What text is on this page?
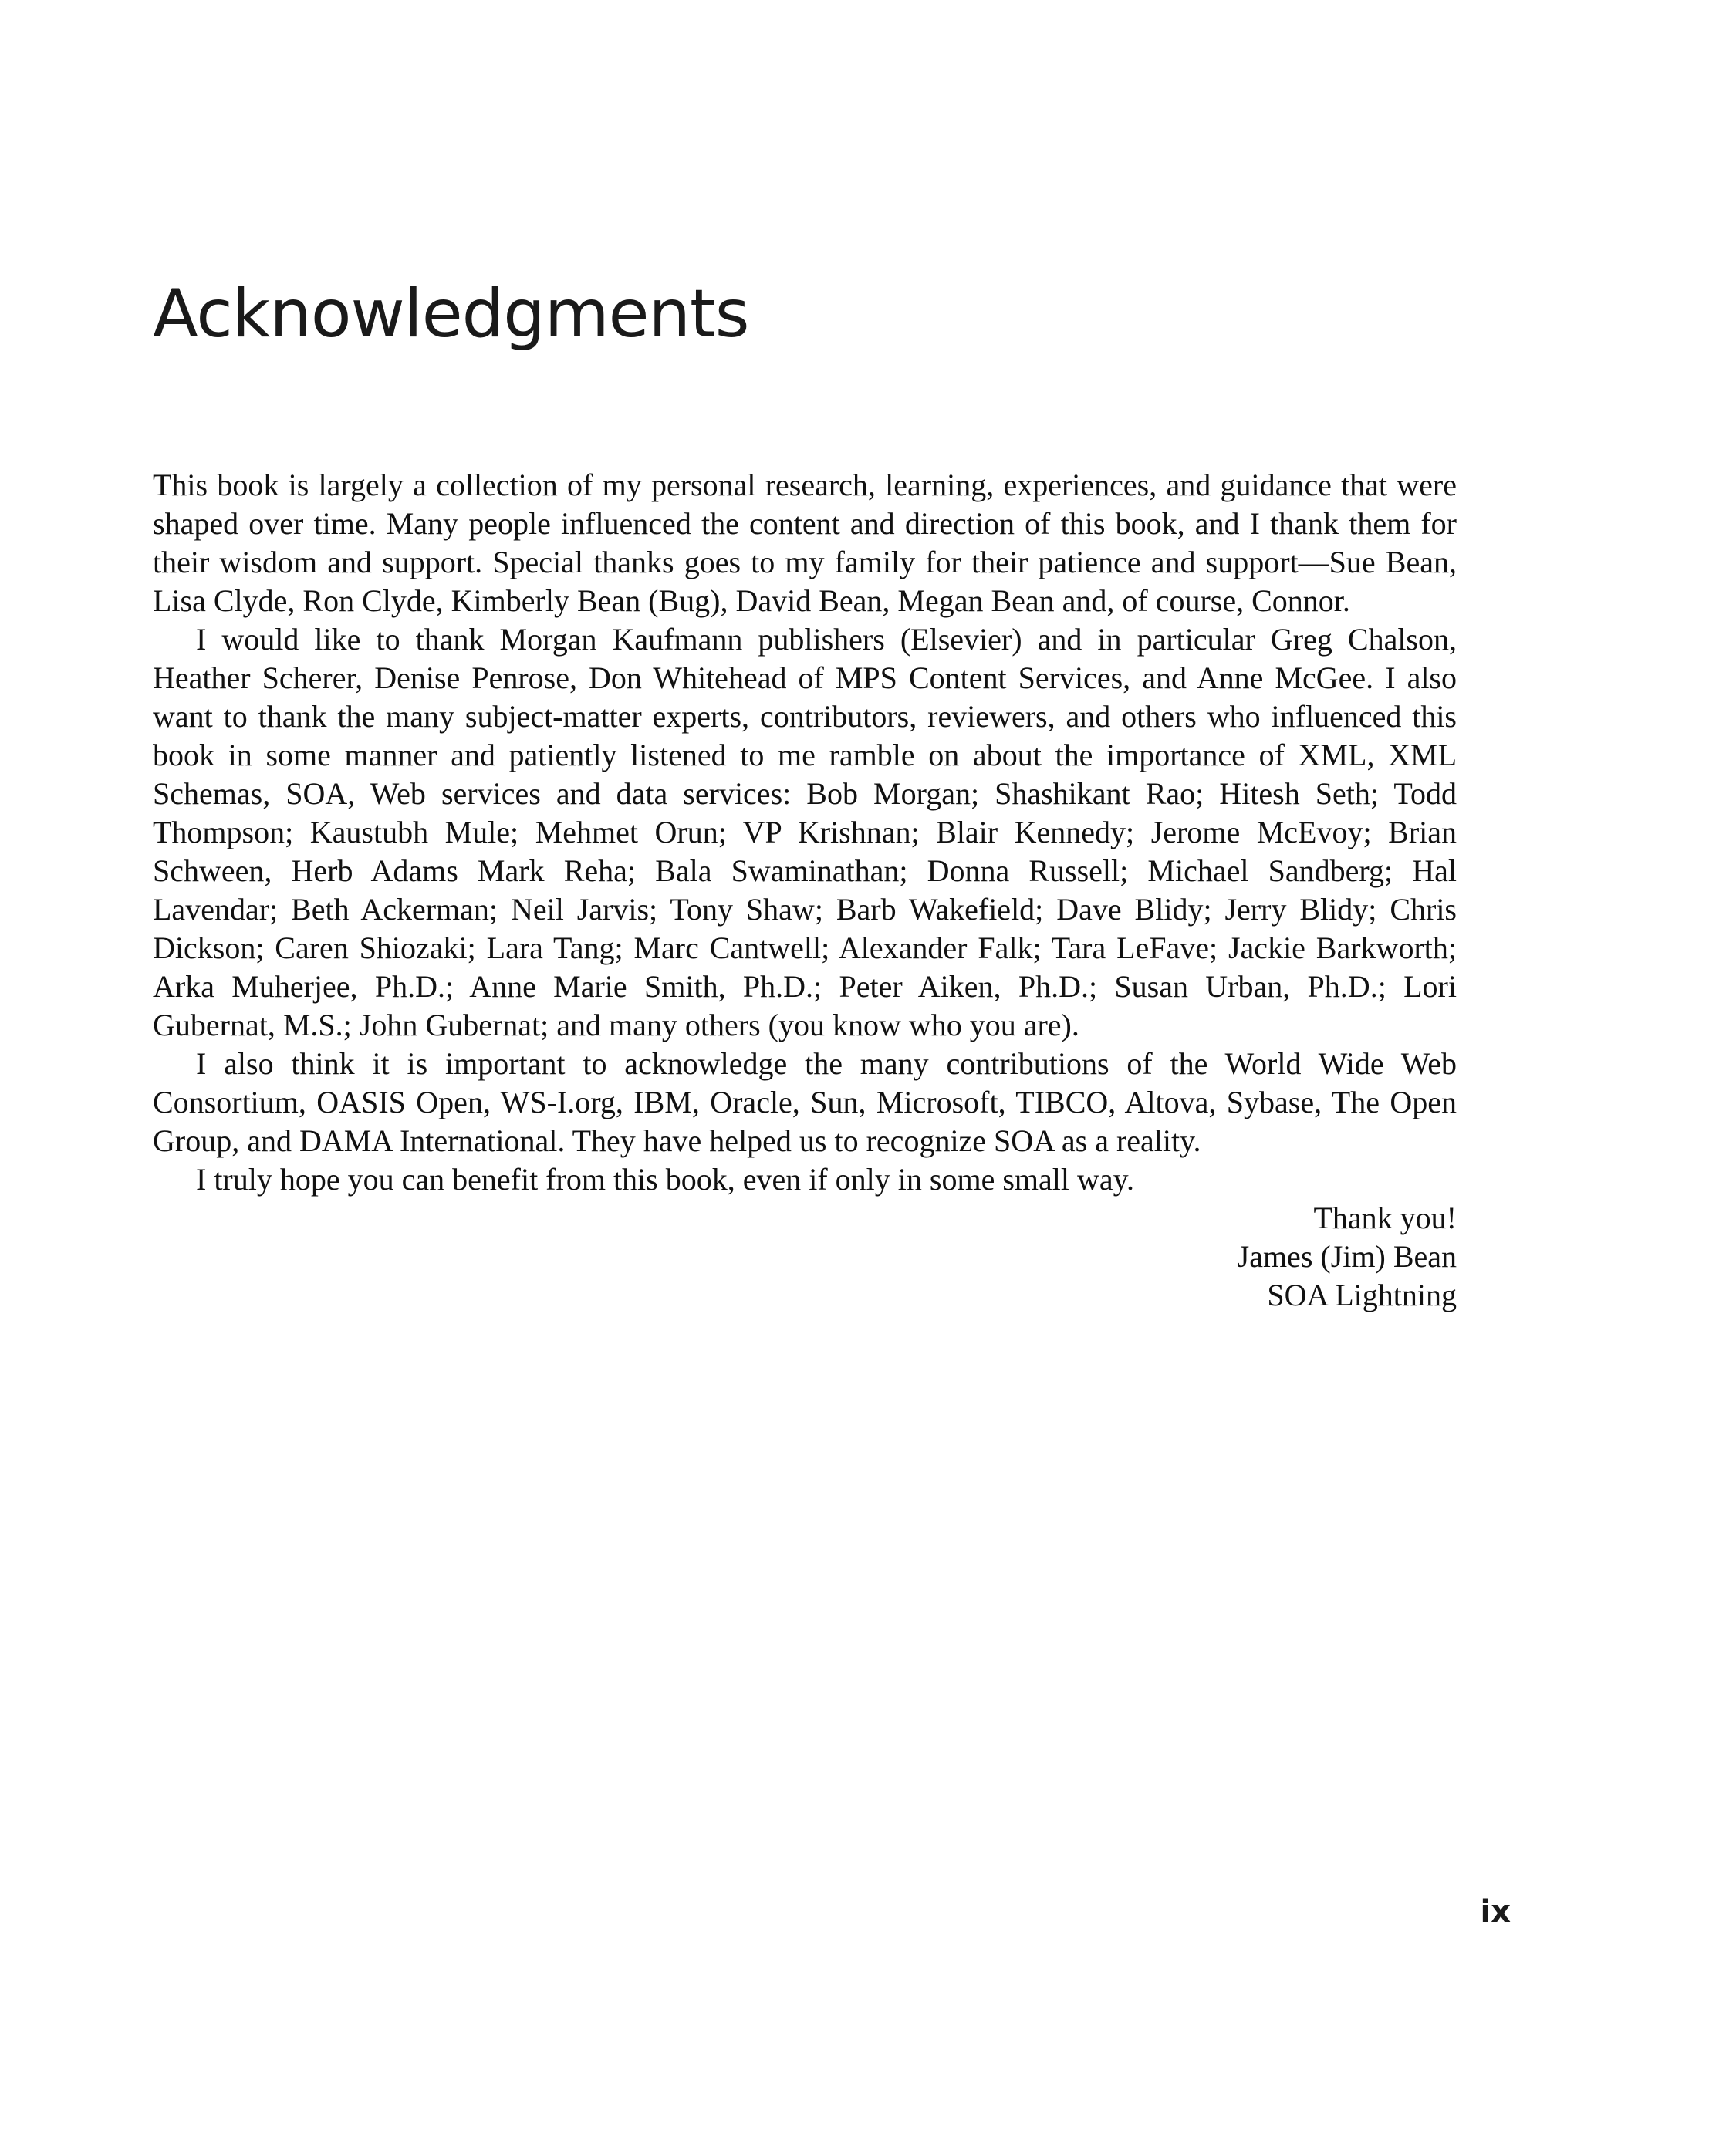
Acknowledgments

This book is largely a collection of my personal research, learning, experiences, and guidance that were shaped over time. Many people influenced the content and direction of this book, and I thank them for their wisdom and support. Special thanks goes to my family for their patience and support—Sue Bean, Lisa Clyde, Ron Clyde, Kimberly Bean (Bug), David Bean, Megan Bean and, of course, Connor.

I would like to thank Morgan Kaufmann publishers (Elsevier) and in particular Greg Chalson, Heather Scherer, Denise Penrose, Don Whitehead of MPS Content Services, and Anne McGee. I also want to thank the many subject-matter experts, contributors, reviewers, and others who influenced this book in some manner and patiently listened to me ramble on about the importance of XML, XML Schemas, SOA, Web services and data services: Bob Morgan; Shashikant Rao; Hitesh Seth; Todd Thompson; Kaustubh Mule; Mehmet Orun; VP Krishnan; Blair Kennedy; Jerome McEvoy; Brian Schween, Herb Adams Mark Reha; Bala Swaminathan; Donna Russell; Michael Sandberg; Hal Lavendar; Beth Ackerman; Neil Jarvis; Tony Shaw; Barb Wakefield; Dave Blidy; Jerry Blidy; Chris Dickson; Caren Shiozaki; Lara Tang; Marc Cantwell; Alexander Falk; Tara LeFave; Jackie Barkworth; Arka Muherjee, Ph.D.; Anne Marie Smith, Ph.D.; Peter Aiken, Ph.D.; Susan Urban, Ph.D.; Lori Gubernat, M.S.; John Gubernat; and many others (you know who you are).

I also think it is important to acknowledge the many contributions of the World Wide Web Consortium, OASIS Open, WS-I.org, IBM, Oracle, Sun, Microsoft, TIBCO, Altova, Sybase, The Open Group, and DAMA International. They have helped us to recognize SOA as a reality.

I truly hope you can benefit from this book, even if only in some small way.

Thank you!
James (Jim) Bean
SOA Lightning
ix
